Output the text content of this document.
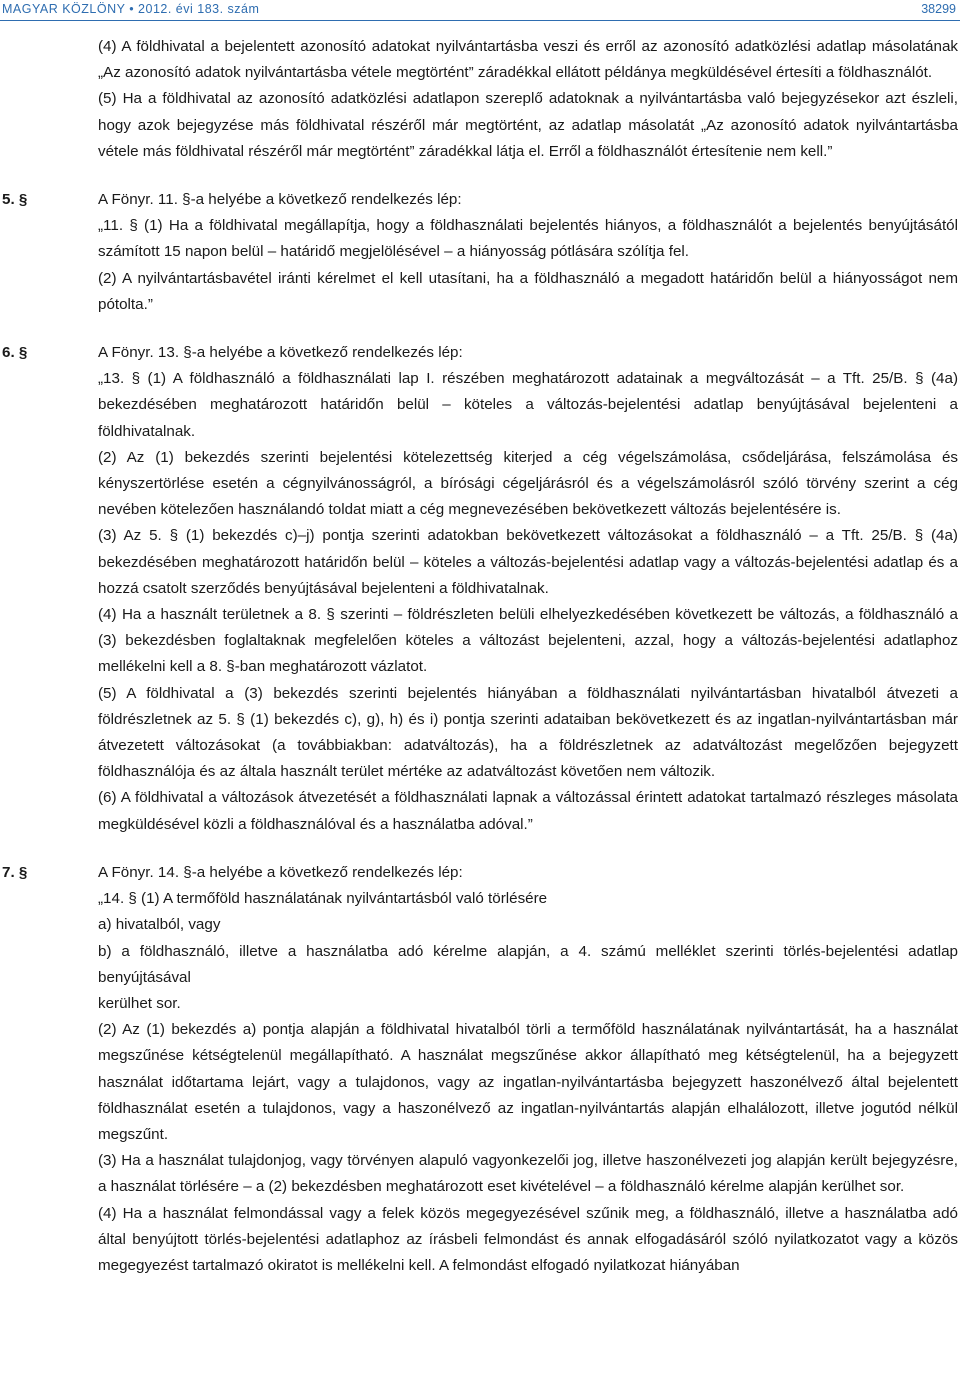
MAGYAR KÖZLÖNY • 2012. évi 183. szám	38299

(4) A földhivatal a bejelentett azonosító adatokat nyilvántartásba veszi és erről az azonosító adatközlési adatlap másolatának „Az azonosító adatok nyilvántartásba vétele megtörtént” záradékkal ellátott példánya megküldésével értesíti a földhasználót.

(5) Ha a földhivatal az azonosító adatközlési adatlapon szereplő adatoknak a nyilvántartásba való bejegyzésekor azt észleli, hogy azok bejegyzése más földhivatal részéről már megtörtént, az adatlap másolatát „Az azonosító adatok nyilvántartásba vétele más földhivatal részéről már megtörtént” záradékkal látja el. Erről a földhasználót értesítenie nem kell.”

5. §	A Fönyr. 11. §-a helyébe a következő rendelkezés lép:

„11. § (1) Ha a földhivatal megállapítja, hogy a földhasználati bejelentés hiányos, a földhasználót a bejelentés benyújtásától számított 15 napon belül – határidő megjelölésével – a hiányosság pótlására szólítja fel.

(2) A nyilvántartásbavétel iránti kérelmet el kell utasítani, ha a földhasználó a megadott határidőn belül a hiányosságot nem pótolta.”

6. §	A Fönyr. 13. §-a helyébe a következő rendelkezés lép:

„13. § (1) A földhasználó a földhasználati lap I. részében meghatározott adatainak a megváltozását – a Tft. 25/B. § (4a) bekezdésében meghatározott határidőn belül – köteles a változás-bejelentési adatlap benyújtásával bejelenteni a földhivatalnak.

(2) Az (1) bekezdés szerinti bejelentési kötelezettség kiterjed a cég végelszámolása, csődeljárása, felszámolása és kényszertörlése esetén a cégnyilvánosságról, a bírósági cégeljárásról és a végelszámolásról szóló törvény szerint a cég nevében kötelezően használandó toldat miatt a cég megnevezésében bekövetkezett változás bejelentésére is.

(3) Az 5. § (1) bekezdés c)–j) pontja szerinti adatokban bekövetkezett változásokat a földhasználó – a Tft. 25/B. § (4a) bekezdésében meghatározott határidőn belül – köteles a változás-bejelentési adatlap vagy a változás-bejelentési adatlap és a hozzá csatolt szerződés benyújtásával bejelenteni a földhivatalnak.

(4) Ha a használt területnek a 8. § szerinti – földrészleten belüli elhelyezkedésében következett be változás, a földhasználó a (3) bekezdésben foglaltaknak megfelelően köteles a változást bejelenteni, azzal, hogy a változás-bejelentési adatlaphoz mellékelni kell a 8. §-ban meghatározott vázlatot.

(5) A földhivatal a (3) bekezdés szerinti bejelentés hiányában a földhasználati nyilvántartásban hivatalból átvezeti a földrészletnek az 5. § (1) bekezdés c), g), h) és i) pontja szerinti adataiban bekövetkezett és az ingatlan-nyilvántartásban már átvezetett változásokat (a továbbiakban: adatváltozás), ha a földrészletnek az adatváltozást megelőzően bejegyzett földhasználója és az általa használt terület mértéke az adatváltozást követően nem változik.

(6) A földhivatal a változások átvezetését a földhasználati lapnak a változással érintett adatokat tartalmazó részleges másolata megküldésével közli a földhasználóval és a használatba adóval.”

7. §	A Fönyr. 14. §-a helyébe a következő rendelkezés lép:

„14. § (1) A termőföld használatának nyilvántartásból való törlésére

a) hivatalból, vagy

b) a földhasználó, illetve a használatba adó kérelme alapján, a 4. számú melléklet szerinti törlés-bejelentési adatlap benyújtásával

kerülhet sor.

(2) Az (1) bekezdés a) pontja alapján a földhivatal hivatalból törli a termőföld használatának nyilvántartását, ha a használat megszűnése kétségtelenül megállapítható. A használat megszűnése akkor állapítható meg kétségtelenül, ha a bejegyzett használat időtartama lejárt, vagy a tulajdonos, vagy az ingatlan-nyilvántartásba bejegyzett haszonélvező által bejelentett földhasználat esetén a tulajdonos, vagy a haszonélvező az ingatlan-nyilvántartás alapján elhalálozott, illetve jogutód nélkül megszűnt.

(3) Ha a használat tulajdonjog, vagy törvényen alapuló vagyonkezelői jog, illetve haszonélvezeti jog alapján került bejegyzésre, a használat törlésére – a (2) bekezdésben meghatározott eset kivételével – a földhasználó kérelme alapján kerülhet sor.

(4) Ha a használat felmondással vagy a felek közös megegyezésével szűnik meg, a földhasználó, illetve a használatba adó által benyújtott törlés-bejelentési adatlaphoz az írásbeli felmondást és annak elfogadásáról szóló nyilatkozatot vagy a közös megegyezést tartalmazó okiratot is mellékelni kell. A felmondást elfogadó nyilatkozat hiányában
